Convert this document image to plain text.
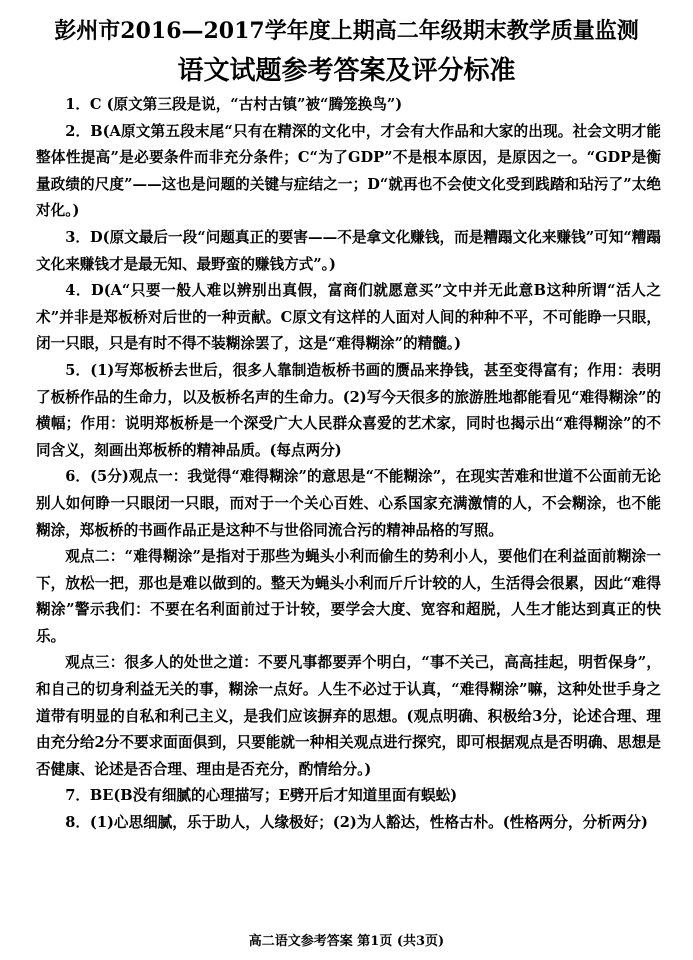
彭州市2016—2017学年度上期高二年级期末教学质量监测
语文试题参考答案及评分标准

1．C (原文第三段是说，“古村古镇”被“腾笼换鸟”)

2．B(A原文第五段末尾“只有在精深的文化中，才会有大作品和大家的出现。社会文明才能整体性提高”是必要条件而非充分条件；C“为了GDP”不是根本原因，是原因之一。“GDP是衡量政绩的尺度”——这也是问题的关键与症结之一；D“就再也不会使文化受到践踏和玷污了”太绝对化。)

3．D(原文最后一段“问题真正的要害——不是拿文化赚钱，而是糟蹋文化来赚钱”可知“糟蹋文化来赚钱才是最无知、最野蛮的赚钱方式”。)

4．D(A“只要一般人难以辨别出真假，富商们就愿意买”文中并无此意B这种所谓“活人之术”并非是郑板桥对后世的一种贡献。C原文有这样的人面对人间的种种不平，不可能睁一只眼，闭一只眼，只是有时不得不装糊涂罢了，这是“难得糊涂”的精髓。)

5．(1)写郑板桥去世后，很多人靠制造板桥书画的赝品来挣钱，甚至变得富有；作用：表明了板桥作品的生命力，以及板桥名声的生命力。(2)写今天很多的旅游胜地都能看见“难得糊涂”的横幅；作用：说明郑板桥是一个深受广大人民群众喜爱的艺术家，同时也揭示出“难得糊涂”的不同含义，刻画出郑板桥的精神品质。(每点两分)

6．(5分)观点一：我觉得“难得糊涂”的意思是“不能糊涂”，在现实苦难和世道不公面前无论别人如何睁一只眼闭一只眼，而对于一个关心百姓、心系国家充满激情的人，不会糊涂，也不能糊涂，郑板桥的书画作品正是这种不与世俗同流合污的精神品格的写照。

观点二：“难得糊涂”是指对于那些为蝇头小利而偷生的势利小人，要他们在利益面前糊涂一下，放松一把，那也是难以做到的。整天为蝇头小利而斤斤计较的人，生活得会很累，因此“难得糊涂”警示我们：不要在名利面前过于计较，要学会大度、宽容和超脱，人生才能达到真正的快乐。

观点三：很多人的处世之道：不要凡事都要弄个明白，“事不关己，高高挂起，明哲保身”，和自己的切身利益无关的事，糊涂一点好。人生不必过于认真，“难得糊涂”嘛，这种处世手身之道带有明显的自私和利己主义，是我们应该摒弃的思想。(观点明确、积极给3分，论述合理、理由充分给2分不要求面面俱到，只要能就一种相关观点进行探究，即可根据观点是否明确、思想是否健康、论述是否合理、理由是否充分，酌情给分。)

7．BE(B没有细腻的心理描写；E劈开后才知道里面有蜈蚣)

8．(1)心思细腻，乐于助人，人缘极好；(2)为人豁达，性格古朴。(性格两分，分析两分)

高二语文参考答案 第1页 (共3页)
